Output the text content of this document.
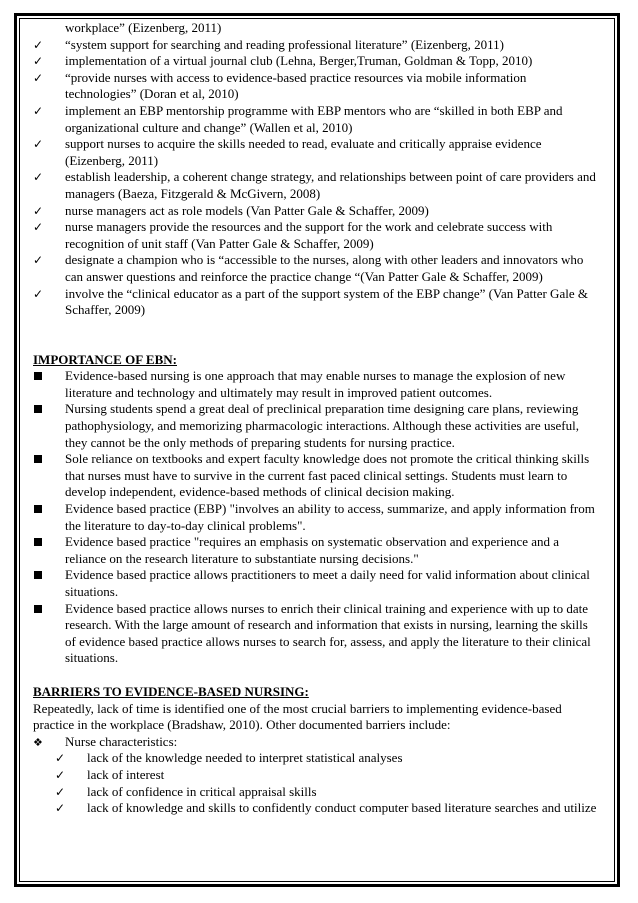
workplace” (Eizenberg, 2011)

✓
“system support for searching and reading professional literature” (Eizenberg, 2011)

✓
implementation of a virtual journal club (Lehna, Berger,Truman, Goldman & Topp, 2010)

✓
“provide nurses with access to evidence-based practice resources via mobile information technologies” (Doran et al, 2010)

✓
implement an EBP mentorship programme with EBP mentors who are “skilled in both EBP and organizational culture and change” (Wallen et al, 2010)

✓
support nurses to acquire the skills needed to read, evaluate and critically appraise evidence (Eizenberg, 2011)

✓
establish leadership, a coherent change strategy, and relationships between point of care providers and managers (Baeza, Fitzgerald & McGivern, 2008)

✓
nurse managers act as role models (Van Patter Gale & Schaffer, 2009)

✓
nurse managers provide the resources and the support for the work and celebrate success with recognition of unit staff (Van Patter Gale & Schaffer, 2009)

✓
designate a champion who is “accessible to the nurses, along with other leaders and innovators who can answer questions and reinforce the practice change “(Van Patter Gale & Schaffer, 2009)

✓
involve the “clinical educator as a part of the support system of the EBP change” (Van Patter Gale & Schaffer, 2009)

IMPORTANCE OF EBN:

Evidence-based nursing is one approach that may enable nurses to manage the explosion of new literature and technology and ultimately may result in improved patient outcomes.

Nursing students spend a great deal of preclinical preparation time designing care plans, reviewing pathophysiology, and memorizing pharmacologic interactions. Although these activities are useful, they cannot be the only methods of preparing students for nursing practice.

Sole reliance on textbooks and expert faculty knowledge does not promote the critical thinking skills that nurses must have to survive in the current fast paced clinical settings. Students must learn to develop independent, evidence-based methods of clinical decision making.

Evidence based practice (EBP) "involves an ability to access, summarize, and apply information from the literature to day-to-day clinical problems".

Evidence based practice "requires an emphasis on systematic observation and experience and a reliance on the research literature to substantiate nursing decisions."

Evidence based practice allows practitioners to meet a daily need for valid information about clinical situations.

Evidence based practice allows nurses to enrich their clinical training and experience with up to date research. With the large amount of research and information that exists in nursing, learning the skills of evidence based practice allows nurses to search for, assess, and apply the literature to their clinical situations.

BARRIERS TO EVIDENCE-BASED NURSING:

Repeatedly, lack of time is identified one of the most crucial barriers to implementing evidence-based practice in the workplace (Bradshaw, 2010). Other documented barriers include:

❖
Nurse characteristics:

✓
lack of the knowledge needed to interpret statistical analyses

✓
lack of interest

✓
lack of confidence in critical appraisal skills

✓
lack of knowledge and skills to confidently conduct computer based literature searches and utilize
